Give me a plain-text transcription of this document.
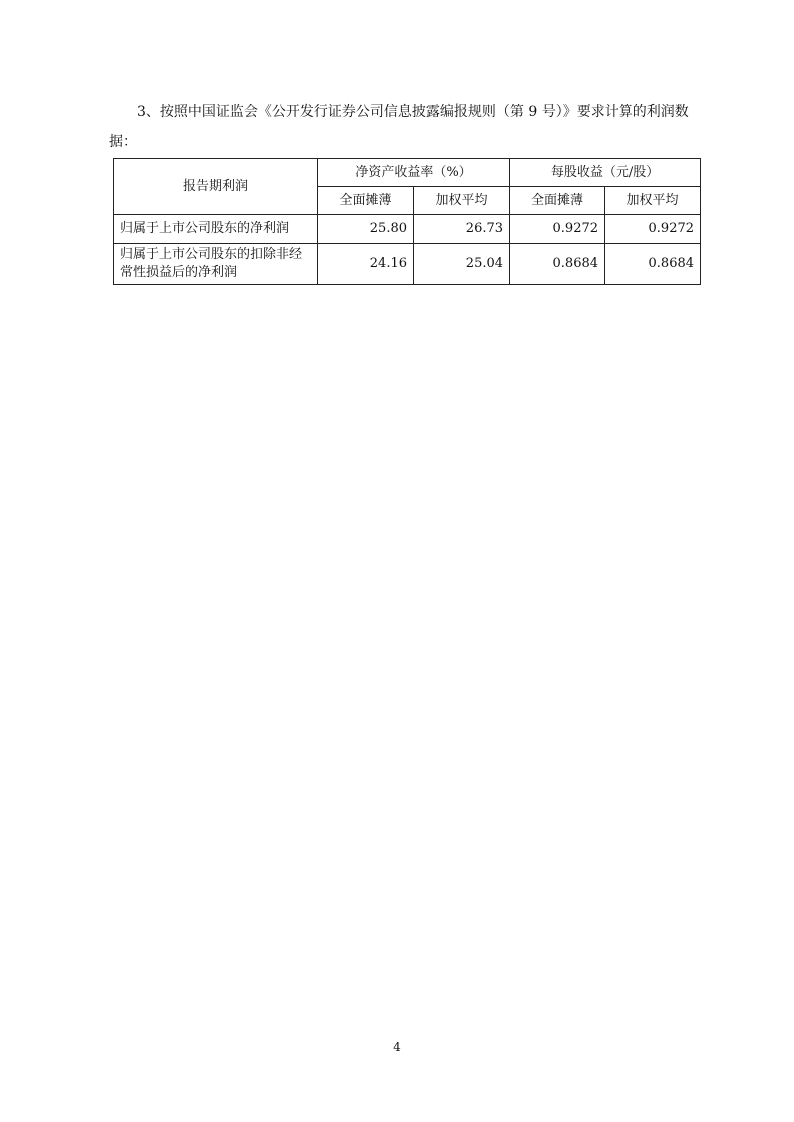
3、按照中国证监会《公开发行证券公司信息披露编报规则（第 9 号）》要求计算的利润数据：

报告期利润	净资产收益率（%）		每股收益（元/股）	
	全面摊薄	加权平均	全面摊薄	加权平均
归属于上市公司股东的净利润	25.80	26.73	0.9272	0.9272
归属于上市公司股东的扣除非经常性损益后的净利润	24.16	25.04	0.8684	0.8684
4
